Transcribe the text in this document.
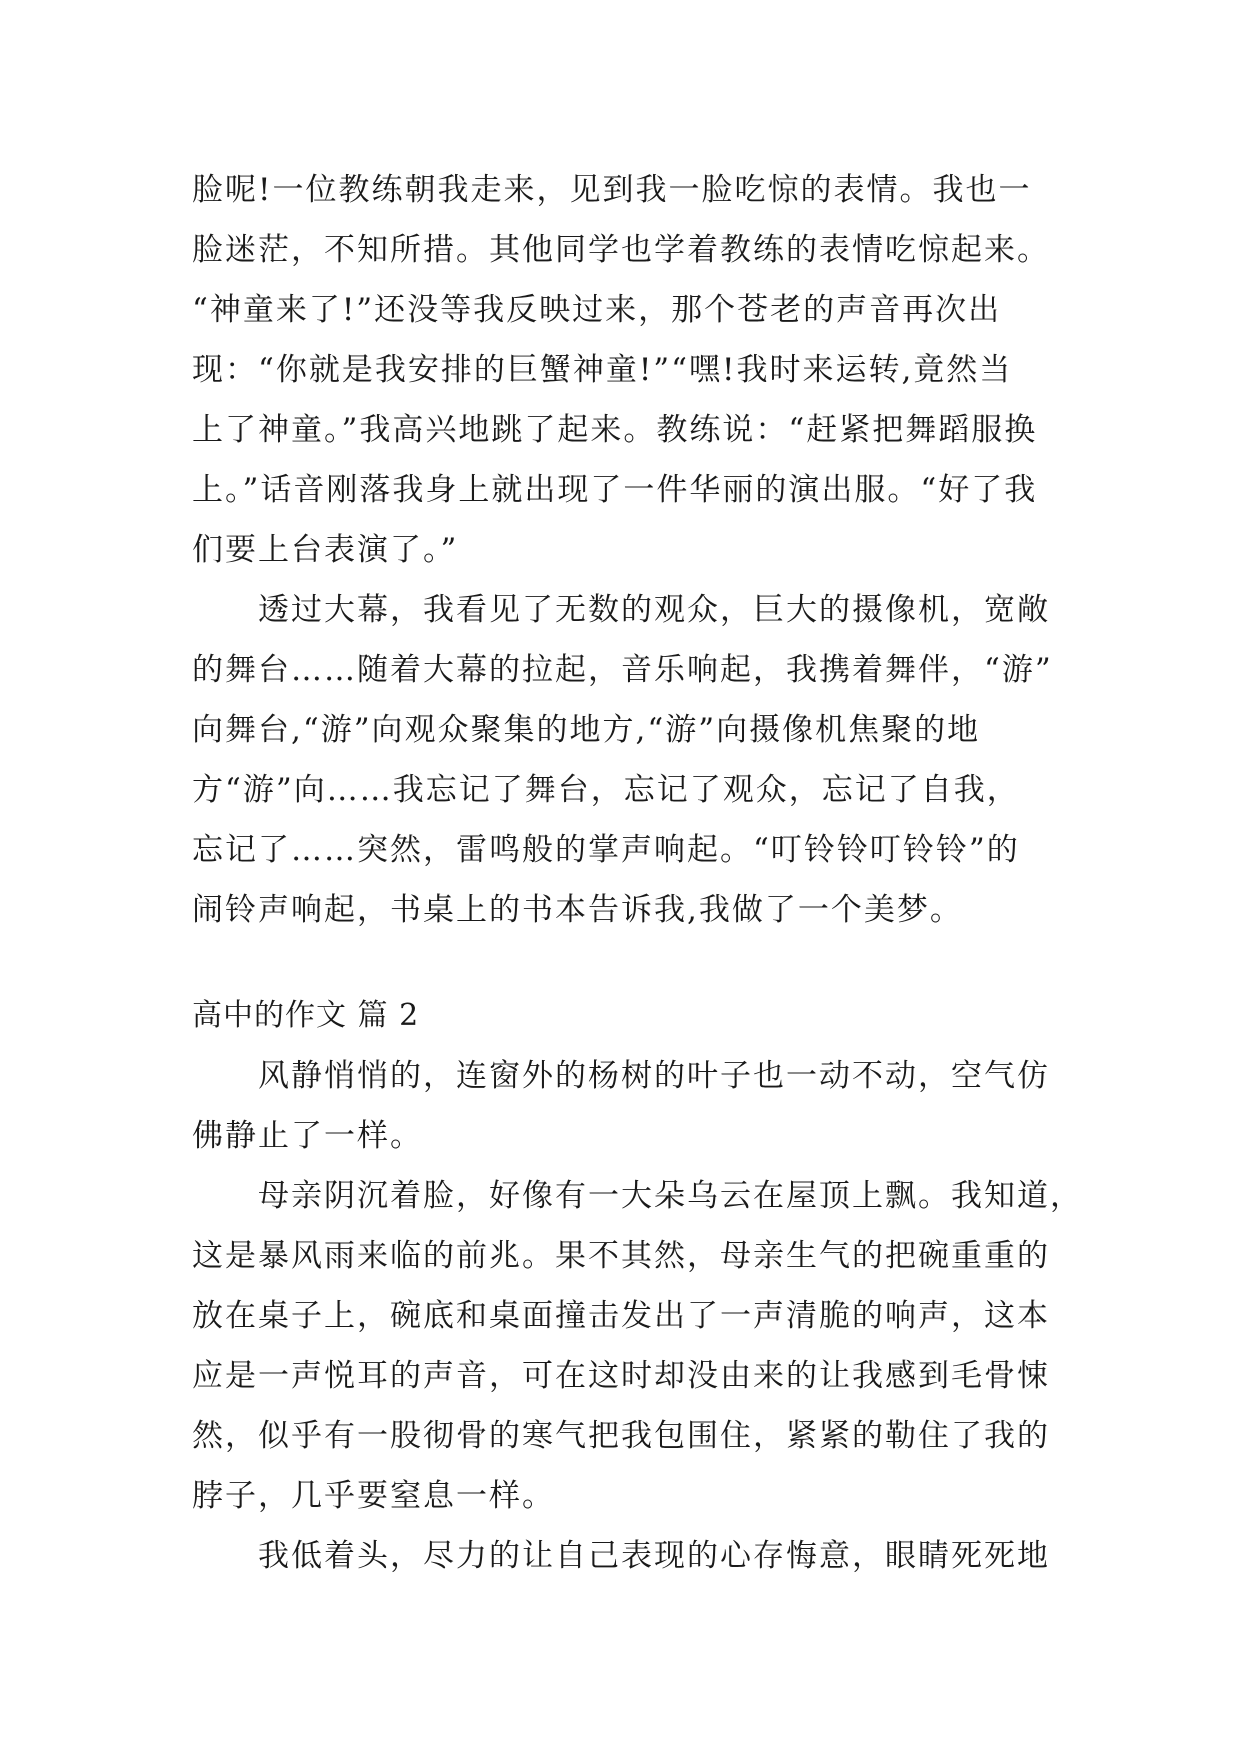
脸呢!一位教练朝我走来，见到我一脸吃惊的表情。我也一
脸迷茫，不知所措。其他同学也学着教练的表情吃惊起来。
“神童来了!”还没等我反映过来，那个苍老的声音再次出
现：“你就是我安排的巨蟹神童!”“嘿!我时来运转,竟然当
上了神童。”我高兴地跳了起来。教练说：“赶紧把舞蹈服换
上。”话音刚落我身上就出现了一件华丽的演出服。“好了我
们要上台表演了。”
透过大幕，我看见了无数的观众，巨大的摄像机，宽敞
的舞台……随着大幕的拉起，音乐响起，我携着舞伴，“游”
向舞台,“游”向观众聚集的地方,“游”向摄像机焦聚的地
方“游”向……我忘记了舞台，忘记了观众，忘记了自我，
忘记了……突然，雷鸣般的掌声响起。“叮铃铃叮铃铃”的
闹铃声响起，书桌上的书本告诉我,我做了一个美梦。
高中的作文 篇 2
风静悄悄的，连窗外的杨树的叶子也一动不动，空气仿
佛静止了一样。
母亲阴沉着脸，好像有一大朵乌云在屋顶上飘。我知道，
这是暴风雨来临的前兆。果不其然，母亲生气的把碗重重的
放在桌子上，碗底和桌面撞击发出了一声清脆的响声，这本
应是一声悦耳的声音，可在这时却没由来的让我感到毛骨悚
然，似乎有一股彻骨的寒气把我包围住，紧紧的勒住了我的
脖子，几乎要窒息一样。
我低着头，尽力的让自己表现的心存悔意，眼睛死死地
